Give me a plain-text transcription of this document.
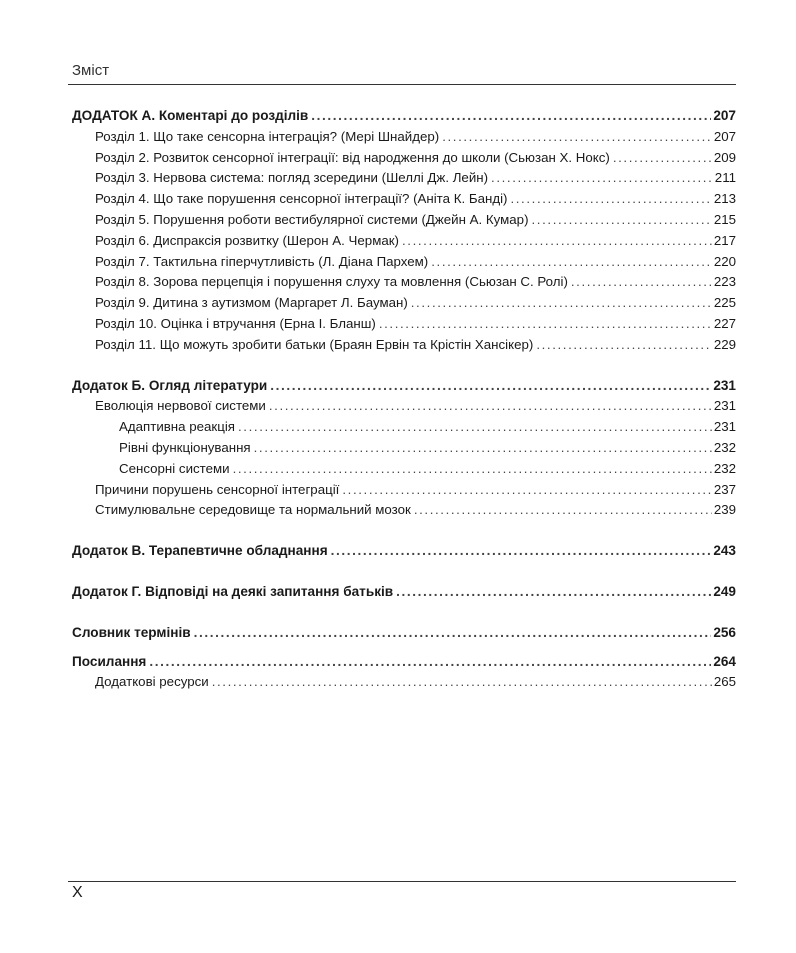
Зміст
ДОДАТОК А. Коментарі до розділів .....	207
Розділ 1. Що таке сенсорна інтеграція? (Мері Шнайдер) .....	207
Розділ 2. Розвиток сенсорної інтеграції: від народження до школи (Сьюзан Х. Нокс) .....	209
Розділ 3. Нервова система: погляд зсередини (Шеллі Дж. Лейн) .....	211
Розділ 4. Що таке порушення сенсорної інтеграції? (Аніта К. Банді) .....	213
Розділ 5. Порушення роботи вестибулярної системи (Джейн А. Кумар) .....	215
Розділ 6. Диспраксія розвитку (Шерон А. Чермак) .....	217
Розділ 7. Тактильна гіперчутливість (Л. Діана Пархем) .....	220
Розділ 8. Зорова перцепція і порушення слуху та мовлення (Сьюзан С. Ролі) .....	223
Розділ 9. Дитина з аутизмом (Маргарет Л. Бауман) .....	225
Розділ 10. Оцінка і втручання (Ерна І. Бланш) .....	227
Розділ 11. Що можуть зробити батьки (Браян Ервін та Крістін Хансікер) .....	229
Додаток Б. Огляд літератури .....	231
Еволюція нервової системи .....	231
Адаптивна реакція .....	231
Рівні функціонування .....	232
Сенсорні системи .....	232
Причини порушень сенсорної інтеграції .....	237
Стимулювальне середовище та нормальний мозок .....	239
Додаток В. Терапевтичне обладнання .....	243
Додаток Г. Відповіді на деякі запитання батьків .....	249
Словник термінів .....	256
Посилання .....	264
Додаткові ресурси .....	265
X
